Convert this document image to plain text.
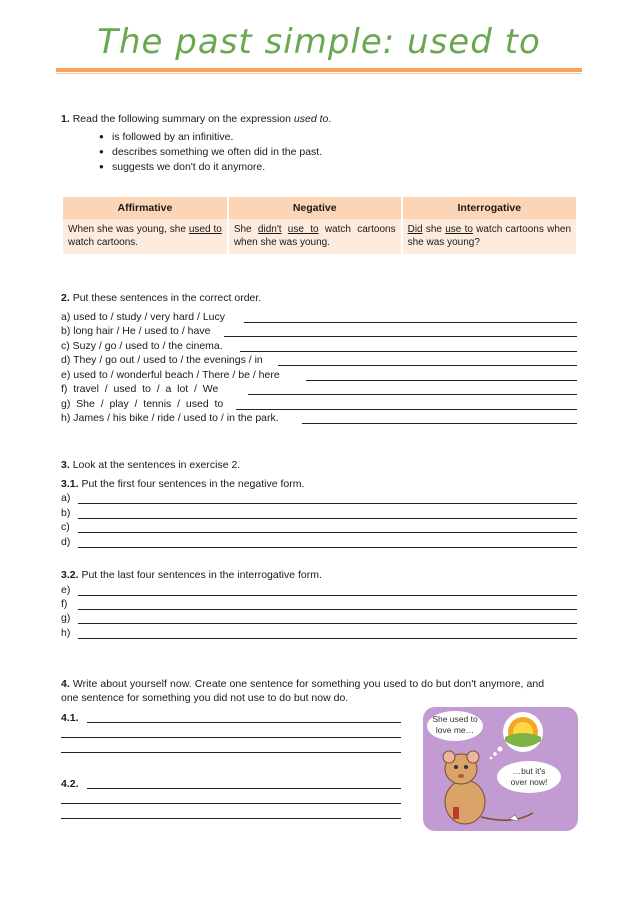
The past simple: used to
1. Read the following summary on the expression used to.
● is followed by an infinitive.
● describes something we often did in the past.
● suggests we don't do it anymore.
Affirmative	Negative	Interrogative
When she was young, she used to watch cartoons.	She didn't use to watch cartoons when she was young.	Did she use to watch cartoons when she was young?
2. Put these sentences in the correct order.
a) used to / study / very hard / Lucy
b) long hair / He / used to / have
c) Suzy / go / used to / the cinema.
d) They / go out / used to / the evenings / in
e) used to / wonderful beach / There / be / here
f)  travel  /  used  to  /  a  lot  /  We
g)  She  /  play  /  tennis  /  used  to
h) James / his bike / ride / used to / in the park.
3. Look at the sentences in exercise 2.
3.1. Put the first four sentences in the negative form.
a)
b)
c)
d)
3.2. Put the last four sentences in the interrogative form.
e)
f)
g)
h)
4. Write about yourself now. Create one sentence for something you used to do but don't anymore, and
one sentence for something you did not use to do but now do.
4.1.
4.2.
She used to
love me…
…but it's
over now!
